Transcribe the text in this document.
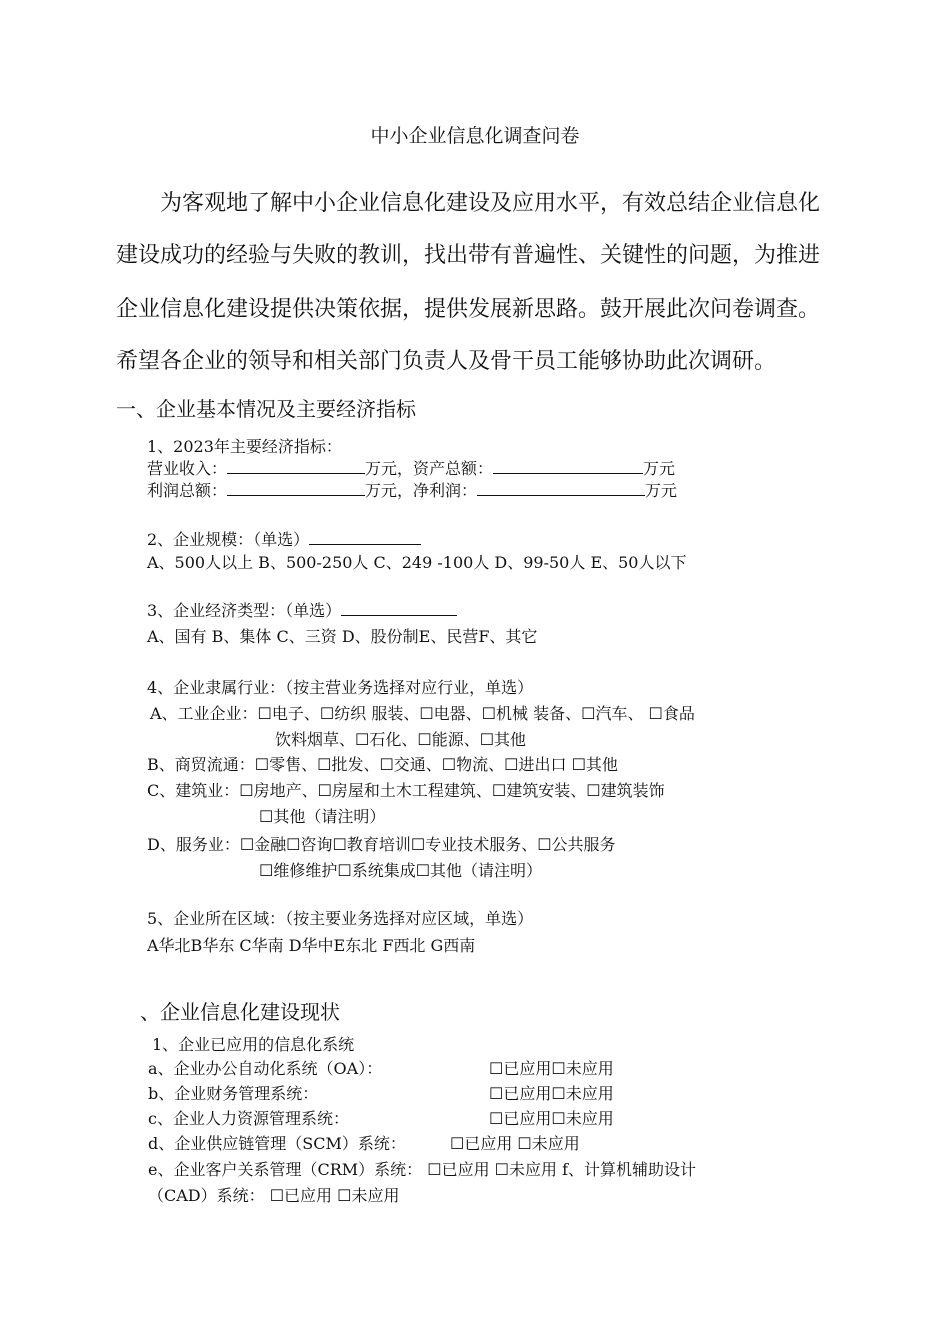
中小企业信息化调查问卷
为客观地了解中小企业信息化建设及应用水平，有效总结企业信息化
建设成功的经验与失败的教训，找出带有普遍性、关键性的问题，为推进
企业信息化建设提供决策依据，提供发展新思路。鼓开展此次问卷调查。
希望各企业的领导和相关部门负责人及骨干员工能够协助此次调研。
一、企业基本情况及主要经济指标
1、2023年主要经济指标：
营业收入：	万元，资产总额：	万元
利润总额：	万元，净利润：	万元
2、企业规模：（单选）
A、500人以上 B、500-250人 C、249 -100人 D、99-50人 E、50人以下
3、企业经济类型：（单选）
A、国有 B、集体 C、三资 D、股份制E、民营F、其它
4、企业隶属行业：（按主营业务选择对应行业，单选）
A、工业企业：☐电子、☐纺织 服装、☐电器、☐机械 装备、☐汽车、 ☐食品
饮料烟草、☐石化、☐能源、☐其他
B、商贸流通：☐零售、☐批发、☐交通、☐物流、☐进出口 ☐其他
C、建筑业：☐房地产、☐房屋和土木工程建筑、☐建筑安装、☐建筑装饰
☐其他（请注明）
D、服务业：☐金融☐咨询☐教育培训☐专业技术服务、☐公共服务
☐维修维护☐系统集成☐其他（请注明）
5、企业所在区域：（按主要业务选择对应区域，单选）
A华北B华东 C华南 D华中E东北 F西北 G西南
、企业信息化建设现状
1、企业已应用的信息化系统
a、企业办公自动化系统（OA）：	☐已应用☐未应用
b、企业财务管理系统：	☐已应用☐未应用
c、企业人力资源管理系统：	☐已应用☐未应用
d、企业供应链管理（SCM）系统：	☐已应用 ☐未应用
e、企业客户关系管理（CRM）系统： ☐已应用 ☐未应用 f、计算机辅助设计
（CAD）系统： ☐已应用 ☐未应用
